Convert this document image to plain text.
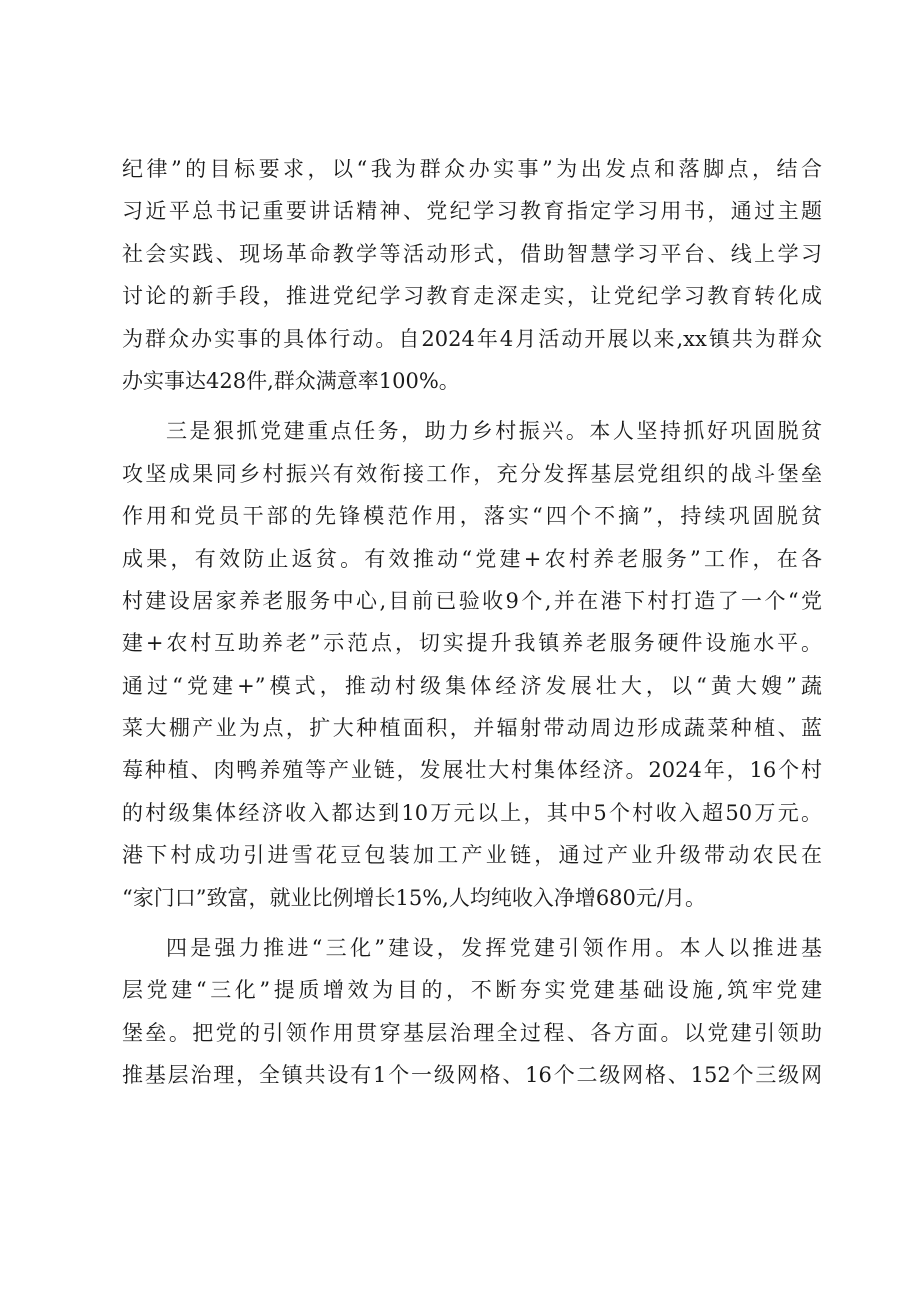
纪律”的目标要求，以“我为群众办实事”为出发点和落脚点，结合
习近平总书记重要讲话精神、党纪学习教育指定学习用书，通过主题
社会实践、现场革命教学等活动形式，借助智慧学习平台、线上学习
讨论的新手段，推进党纪学习教育走深走实，让党纪学习教育转化成
为群众办实事的具体行动。自2024年4月活动开展以来,xx镇共为群众
办实事达428件,群众满意率100%。
三是狠抓党建重点任务，助力乡村振兴。本人坚持抓好巩固脱贫
攻坚成果同乡村振兴有效衔接工作，充分发挥基层党组织的战斗堡垒
作用和党员干部的先锋模范作用，落实“四个不摘”，持续巩固脱贫
成果，有效防止返贫。有效推动“党建+农村养老服务”工作，在各
村建设居家养老服务中心,目前已验收9个,并在港下村打造了一个“党
建+农村互助养老”示范点，切实提升我镇养老服务硬件设施水平。
通过“党建+”模式，推动村级集体经济发展壮大，以“黄大嫂”蔬
菜大棚产业为点，扩大种植面积，并辐射带动周边形成蔬菜种植、蓝
莓种植、肉鸭养殖等产业链，发展壮大村集体经济。2024年，16个村
的村级集体经济收入都达到10万元以上，其中5个村收入超50万元。
港下村成功引进雪花豆包装加工产业链，通过产业升级带动农民在
“家门口”致富，就业比例增长15%,人均纯收入净增680元/月。
四是强力推进“三化”建设，发挥党建引领作用。本人以推进基
层党建“三化”提质增效为目的，不断夯实党建基础设施,筑牢党建
堡垒。把党的引领作用贯穿基层治理全过程、各方面。以党建引领助
推基层治理，全镇共设有1个一级网格、16个二级网格、152个三级网
